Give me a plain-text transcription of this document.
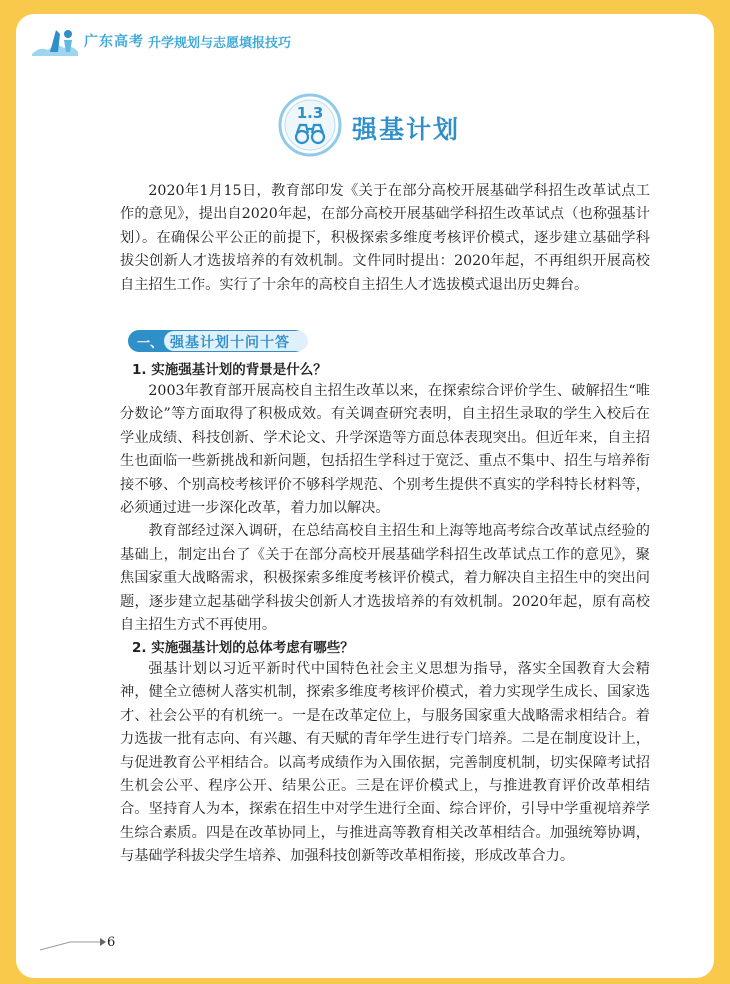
广东高考 升学规划与志愿填报技巧
1.3
强基计划

2020年1月15日，教育部印发《关于在部分高校开展基础学科招生改革试点工作的意见》，提出自2020年起，在部分高校开展基础学科招生改革试点（也称强基计划）。在确保公平公正的前提下，积极探索多维度考核评价模式，逐步建立基础学科拔尖创新人才选拔培养的有效机制。文件同时提出：2020年起，不再组织开展高校自主招生工作。实行了十余年的高校自主招生人才选拔模式退出历史舞台。

一、 强基计划十问十答
1. 实施强基计划的背景是什么？

2003年教育部开展高校自主招生改革以来，在探索综合评价学生、破解招生“唯分数论”等方面取得了积极成效。有关调查研究表明，自主招生录取的学生入校后在学业成绩、科技创新、学术论文、升学深造等方面总体表现突出。但近年来，自主招生也面临一些新挑战和新问题，包括招生学科过于宽泛、重点不集中、招生与培养衔接不够、个别高校考核评价不够科学规范、个别考生提供不真实的学科特长材料等，必须通过进一步深化改革，着力加以解决。

教育部经过深入调研，在总结高校自主招生和上海等地高考综合改革试点经验的基础上，制定出台了《关于在部分高校开展基础学科招生改革试点工作的意见》，聚焦国家重大战略需求，积极探索多维度考核评价模式，着力解决自主招生中的突出问题，逐步建立起基础学科拔尖创新人才选拔培养的有效机制。2020年起，原有高校自主招生方式不再使用。

2. 实施强基计划的总体考虑有哪些？

强基计划以习近平新时代中国特色社会主义思想为指导，落实全国教育大会精神，健全立德树人落实机制，探索多维度考核评价模式，着力实现学生成长、国家选才、社会公平的有机统一。一是在改革定位上，与服务国家重大战略需求相结合。着力选拔一批有志向、有兴趣、有天赋的青年学生进行专门培养。二是在制度设计上，与促进教育公平相结合。以高考成绩作为入围依据，完善制度机制，切实保障考试招生机会公平、程序公开、结果公正。三是在评价模式上，与推进教育评价改革相结合。坚持育人为本，探索在招生中对学生进行全面、综合评价，引导中学重视培养学生综合素质。四是在改革协同上，与推进高等教育相关改革相结合。加强统筹协调，与基础学科拔尖学生培养、加强科技创新等改革相衔接，形成改革合力。

6
